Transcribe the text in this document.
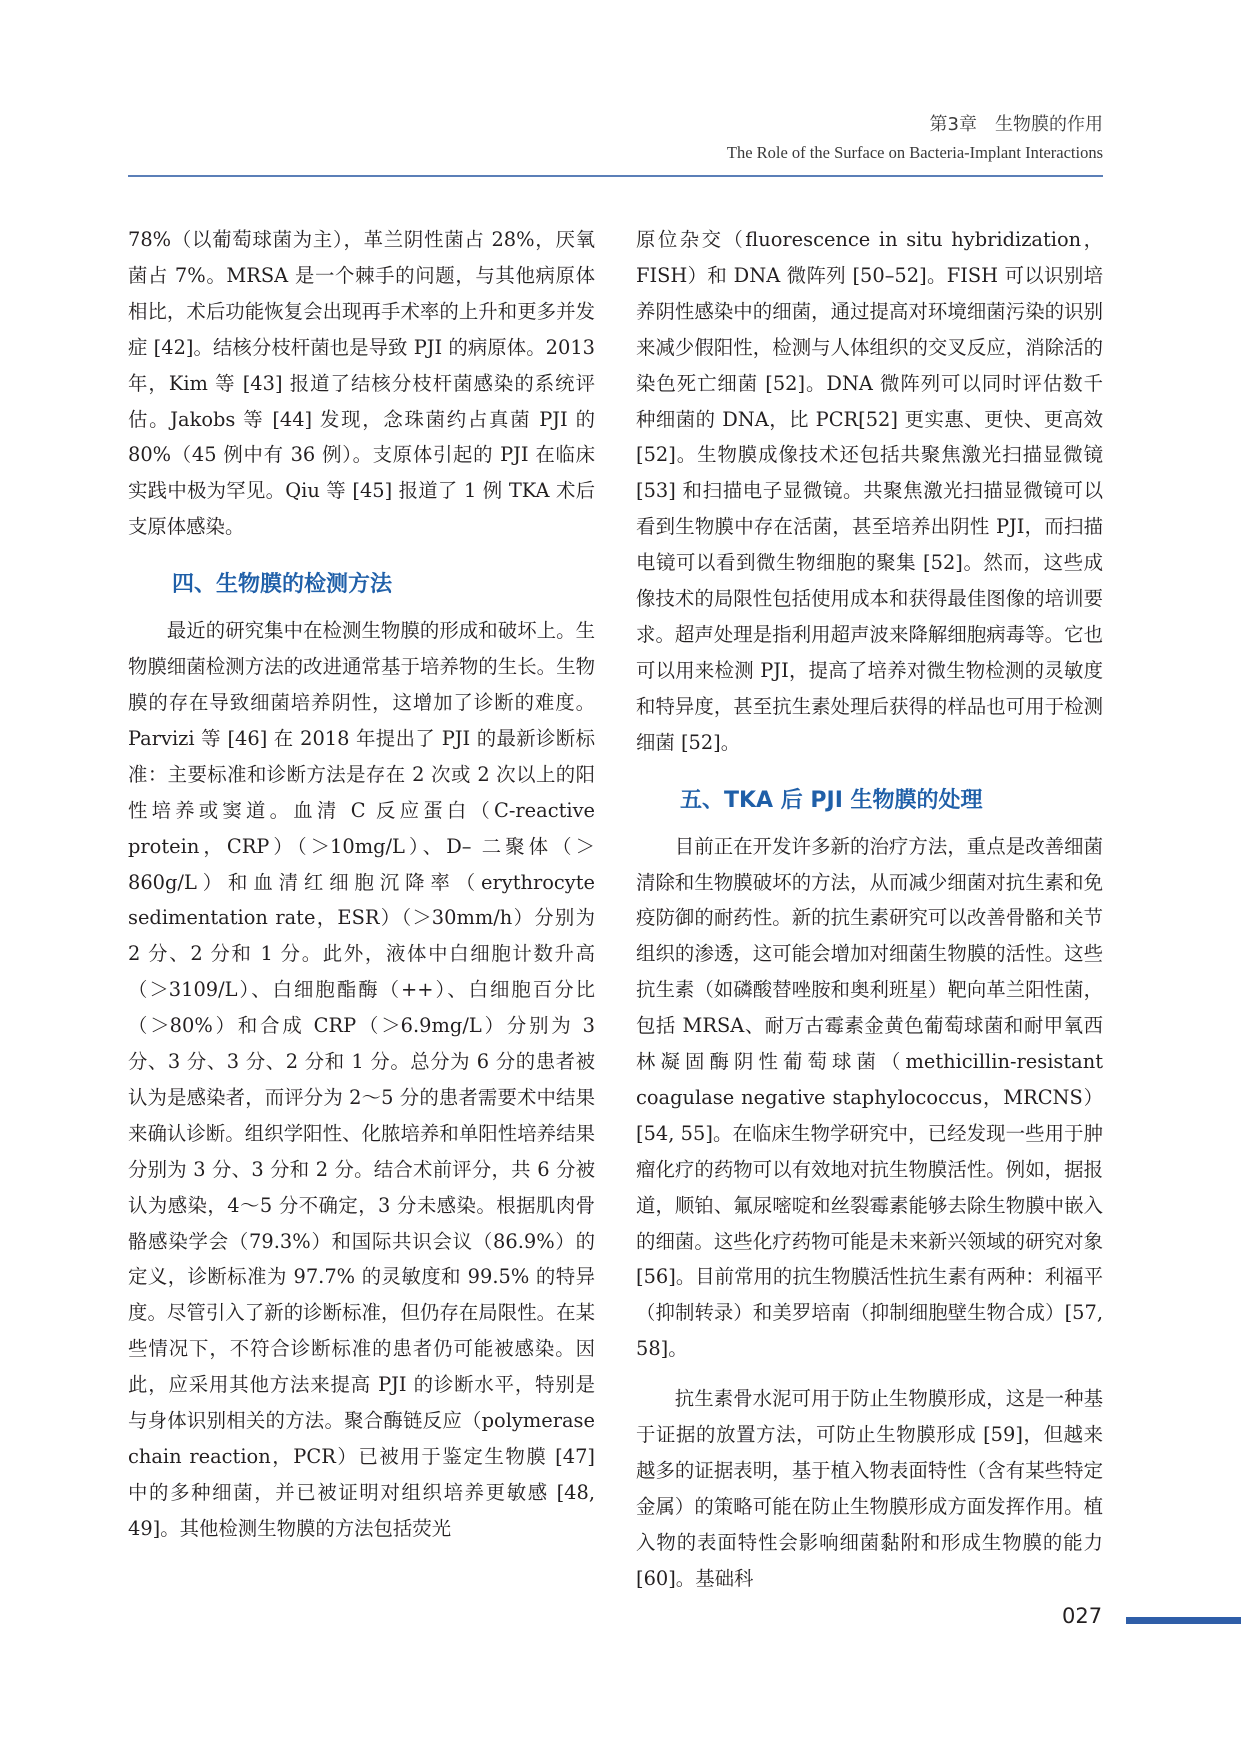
第3章　生物膜的作用
The Role of the Surface on Bacteria-Implant Interactions

78%（以葡萄球菌为主），革兰阴性菌占 28%，厌氧菌占 7%。MRSA 是一个棘手的问题，与其他病原体相比，术后功能恢复会出现再手术率的上升和更多并发症 [42]。结核分枝杆菌也是导致 PJI 的病原体。2013 年，Kim 等 [43] 报道了结核分枝杆菌感染的系统评估。Jakobs 等 [44] 发现，念珠菌约占真菌 PJI 的 80%（45 例中有 36 例）。支原体引起的 PJI 在临床实践中极为罕见。Qiu 等 [45] 报道了 1 例 TKA 术后支原体感染。

四、生物膜的检测方法

最近的研究集中在检测生物膜的形成和破坏上。生物膜细菌检测方法的改进通常基于培养物的生长。生物膜的存在导致细菌培养阴性，这增加了诊断的难度。Parvizi 等 [46] 在 2018 年提出了 PJI 的最新诊断标准：主要标准和诊断方法是存在 2 次或 2 次以上的阳性培养或窦道。血清 C 反应蛋白（C-reactive protein，CRP）（＞10mg/L）、D– 二聚体（＞860g/L）和血清红细胞沉降率（erythrocyte sedimentation rate，ESR）（＞30mm/h）分别为 2 分、2 分和 1 分。此外，液体中白细胞计数升高（＞3109/L）、白细胞酯酶（++）、白细胞百分比（＞80%）和合成 CRP（＞6.9mg/L）分别为 3 分、3 分、3 分、2 分和 1 分。总分为 6 分的患者被认为是感染者，而评分为 2～5 分的患者需要术中结果来确认诊断。组织学阳性、化脓培养和单阳性培养结果分别为 3 分、3 分和 2 分。结合术前评分，共 6 分被认为感染，4～5 分不确定，3 分未感染。根据肌肉骨骼感染学会（79.3%）和国际共识会议（86.9%）的定义，诊断标准为 97.7% 的灵敏度和 99.5% 的特异度。尽管引入了新的诊断标准，但仍存在局限性。在某些情况下，不符合诊断标准的患者仍可能被感染。因此，应采用其他方法来提高 PJI 的诊断水平，特别是与身体识别相关的方法。聚合酶链反应（polymerase chain reaction，PCR）已被用于鉴定生物膜 [47] 中的多种细菌，并已被证明对组织培养更敏感 [48, 49]。其他检测生物膜的方法包括荧光

原位杂交（fluorescence in situ hybridization，FISH）和 DNA 微阵列 [50–52]。FISH 可以识别培养阴性感染中的细菌，通过提高对环境细菌污染的识别来减少假阳性，检测与人体组织的交叉反应，消除活的染色死亡细菌 [52]。DNA 微阵列可以同时评估数千种细菌的 DNA，比 PCR[52] 更实惠、更快、更高效 [52]。生物膜成像技术还包括共聚焦激光扫描显微镜 [53] 和扫描电子显微镜。共聚焦激光扫描显微镜可以看到生物膜中存在活菌，甚至培养出阴性 PJI，而扫描电镜可以看到微生物细胞的聚集 [52]。然而，这些成像技术的局限性包括使用成本和获得最佳图像的培训要求。超声处理是指利用超声波来降解细胞病毒等。它也可以用来检测 PJI，提高了培养对微生物检测的灵敏度和特异度，甚至抗生素处理后获得的样品也可用于检测细菌 [52]。

五、TKA 后 PJI 生物膜的处理

目前正在开发许多新的治疗方法，重点是改善细菌清除和生物膜破坏的方法，从而减少细菌对抗生素和免疫防御的耐药性。新的抗生素研究可以改善骨骼和关节组织的渗透，这可能会增加对细菌生物膜的活性。这些抗生素（如磷酸替唑胺和奥利班星）靶向革兰阳性菌，包括 MRSA、耐万古霉素金黄色葡萄球菌和耐甲氧西林凝固酶阴性葡萄球菌（methicillin-resistant coagulase negative staphylococcus，MRCNS）[54, 55]。在临床生物学研究中，已经发现一些用于肿瘤化疗的药物可以有效地对抗生物膜活性。例如，据报道，顺铂、氟尿嘧啶和丝裂霉素能够去除生物膜中嵌入的细菌。这些化疗药物可能是未来新兴领域的研究对象 [56]。目前常用的抗生物膜活性抗生素有两种：利福平（抑制转录）和美罗培南（抑制细胞壁生物合成）[57, 58]。

抗生素骨水泥可用于防止生物膜形成，这是一种基于证据的放置方法，可防止生物膜形成 [59]，但越来越多的证据表明，基于植入物表面特性（含有某些特定金属）的策略可能在防止生物膜形成方面发挥作用。植入物的表面特性会影响细菌黏附和形成生物膜的能力 [60]。基础科

027
